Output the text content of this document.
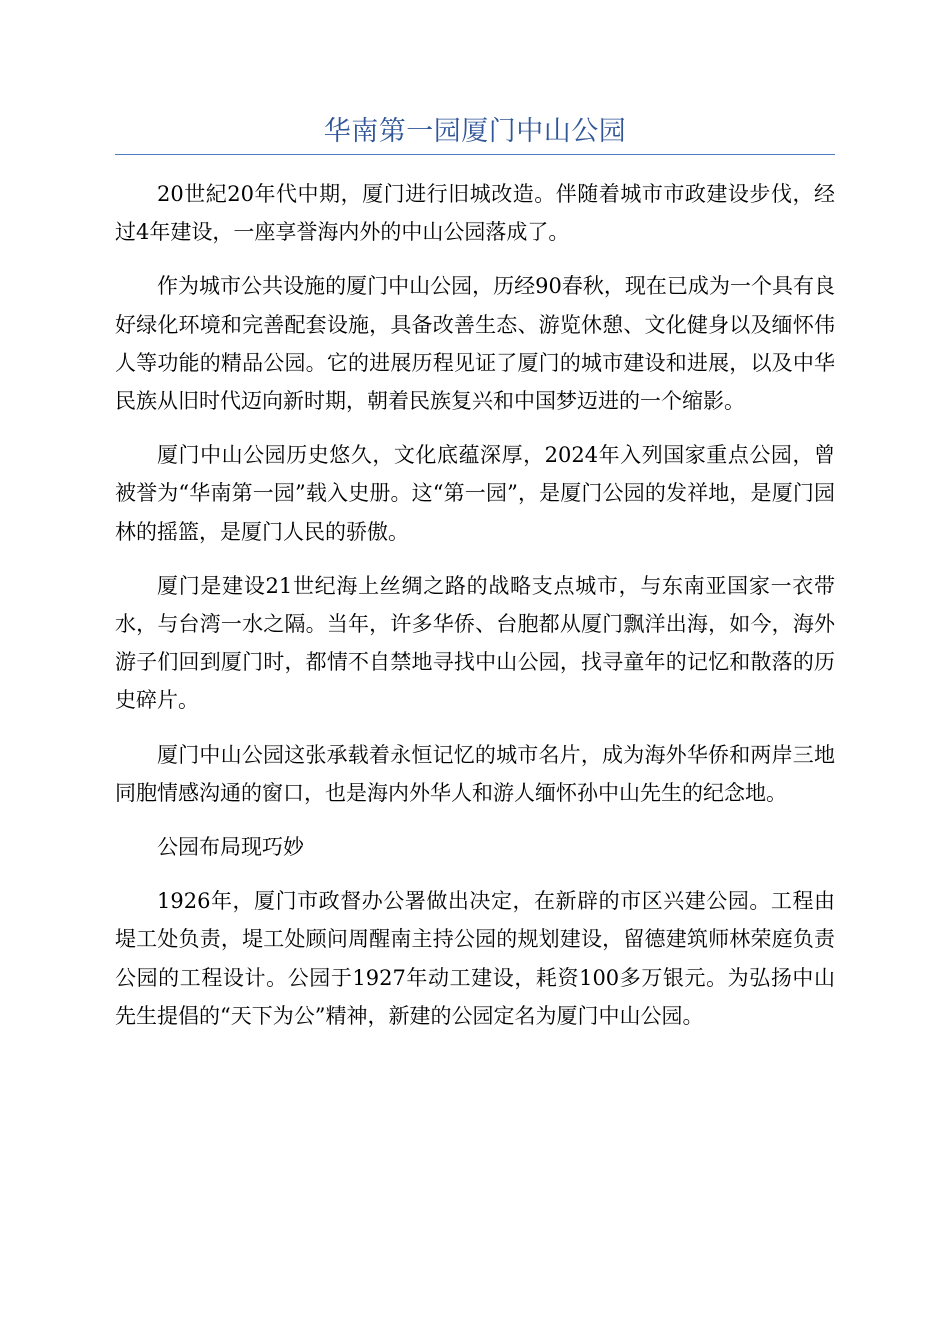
华南第一园厦门中山公园

20世紀20年代中期，厦门进行旧城改造。伴随着城市市政建设步伐，经过4年建设，一座享誉海内外的中山公园落成了。

作为城市公共设施的厦门中山公园，历经90春秋，现在已成为一个具有良好绿化环境和完善配套设施，具备改善生态、游览休憩、文化健身以及缅怀伟人等功能的精品公园。它的进展历程见证了厦门的城市建设和进展，以及中华民族从旧时代迈向新时期，朝着民族复兴和中国梦迈进的一个缩影。

厦门中山公园历史悠久，文化底蕴深厚，2024年入列国家重点公园，曾被誉为“华南第一园”载入史册。这“第一园”，是厦门公园的发祥地，是厦门园林的摇篮，是厦门人民的骄傲。

厦门是建设21世纪海上丝绸之路的战略支点城市，与东南亚国家一衣带水，与台湾一水之隔。当年，许多华侨、台胞都从厦门飘洋出海，如今，海外游子们回到厦门时，都情不自禁地寻找中山公园，找寻童年的记忆和散落的历史碎片。

厦门中山公园这张承载着永恒记忆的城市名片，成为海外华侨和两岸三地同胞情感沟通的窗口，也是海内外华人和游人缅怀孙中山先生的纪念地。

公园布局现巧妙

1926年，厦门市政督办公署做出决定，在新辟的市区兴建公园。工程由堤工处负责，堤工处顾问周醒南主持公园的规划建设，留德建筑师林荣庭负责公园的工程设计。公园于1927年动工建设，耗资100多万银元。为弘扬中山先生提倡的“天下为公”精神，新建的公园定名为厦门中山公园。
